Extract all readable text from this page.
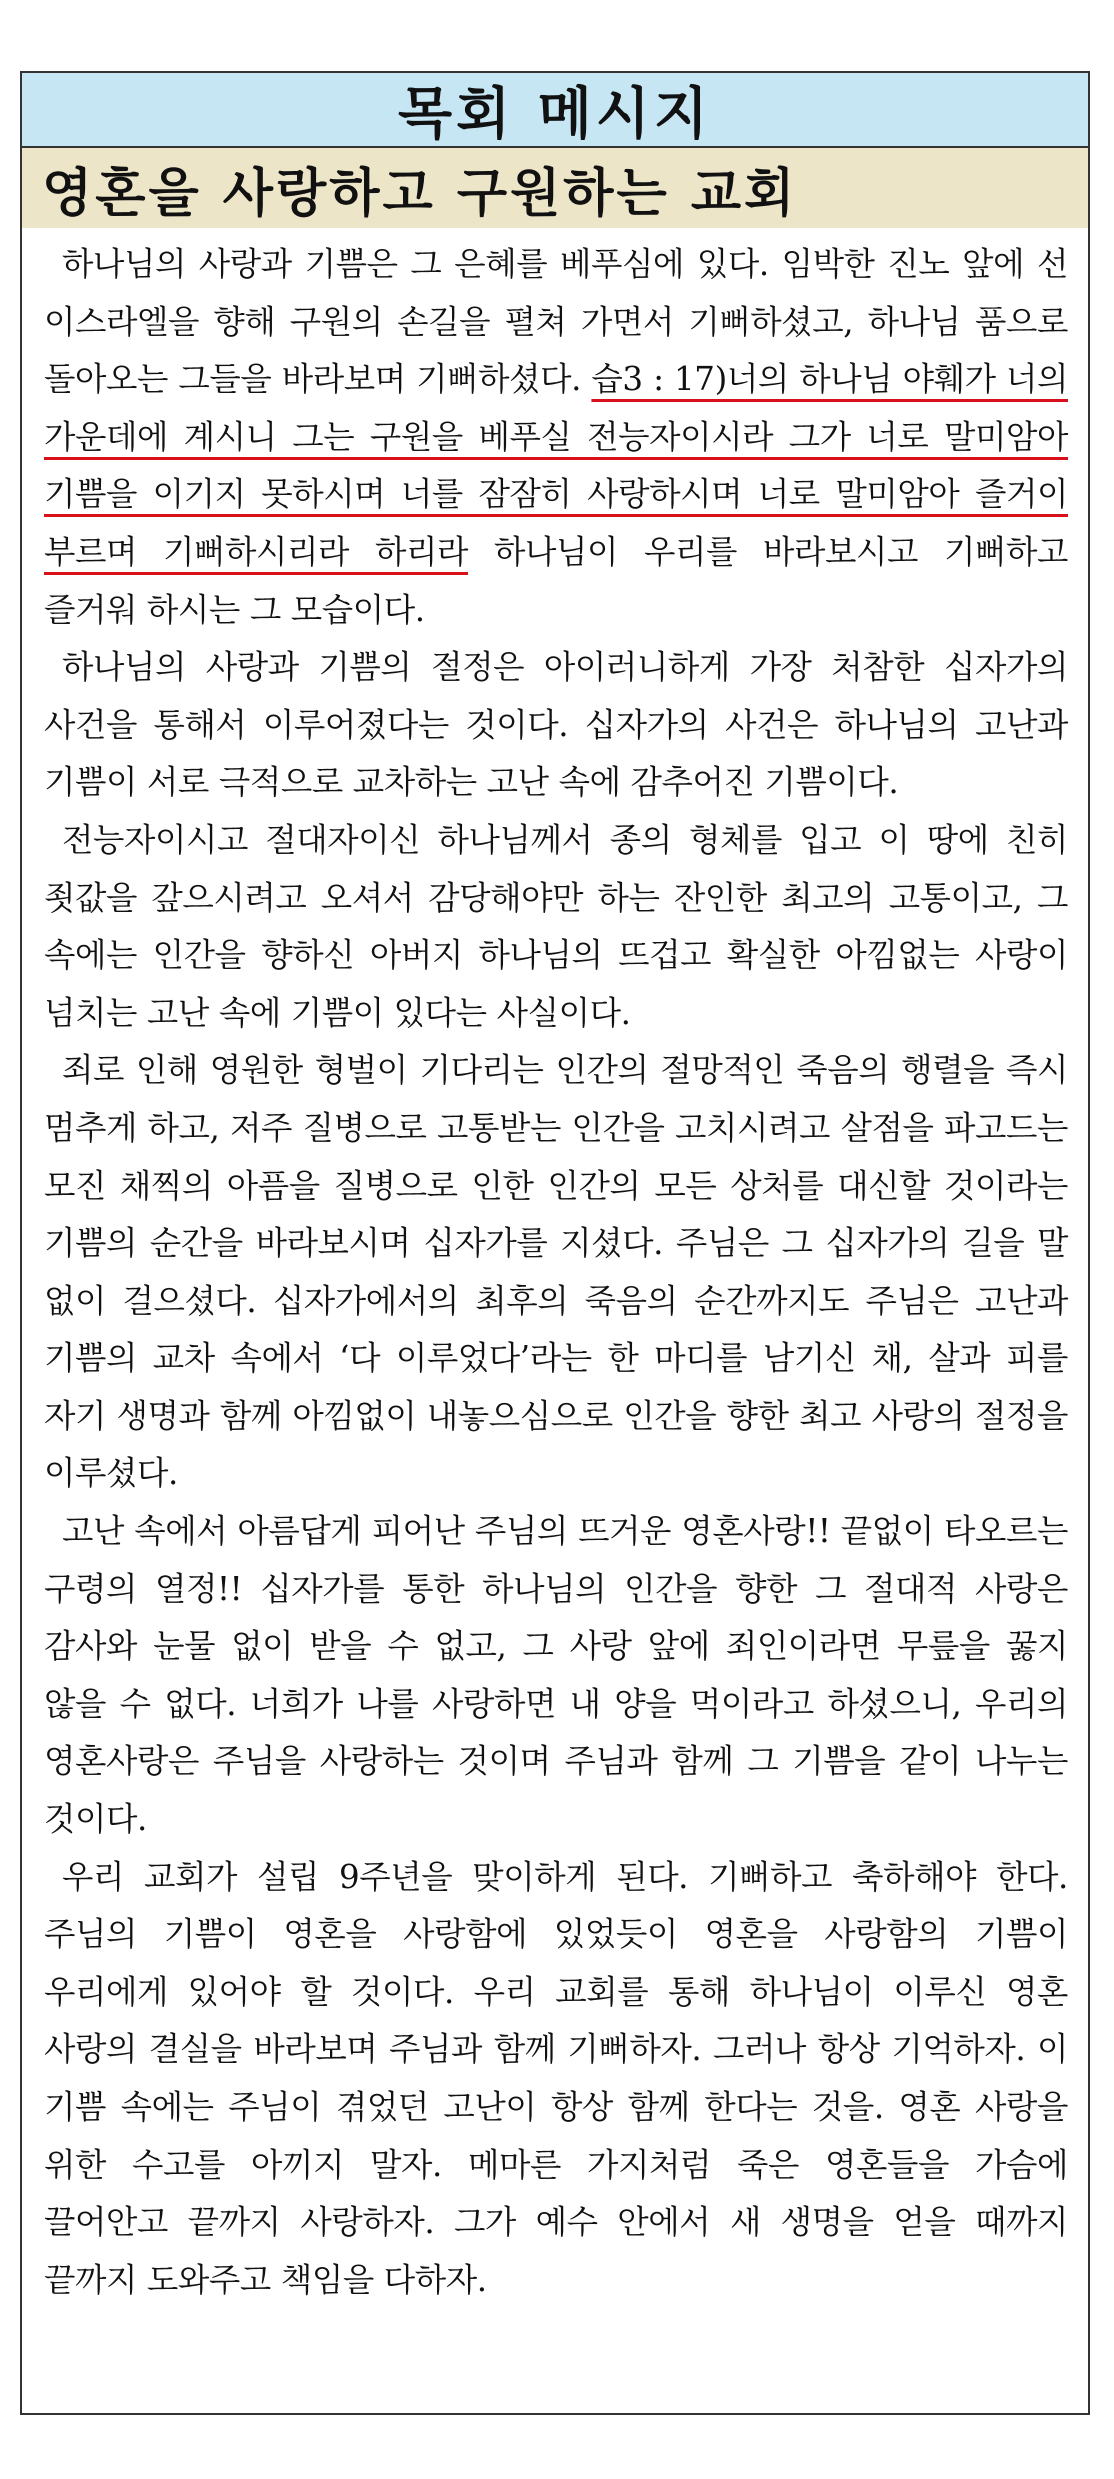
목회 메시지
영혼을 사랑하고 구원하는 교회

하나님의 사랑과 기쁨은 그 은혜를 베푸심에 있다. 임박한 진노 앞에 선 이스라엘을 향해 구원의 손길을 펼쳐 가면서 기뻐하셨고, 하나님 품으로 돌아오는 그들을 바라보며 기뻐하셨다. 습3 : 17)너의 하나님 야훼가 너의 가운데에 계시니 그는 구원을 베푸실 전능자이시라 그가 너로 말미암아 기쁨을 이기지 못하시며 너를 잠잠히 사랑하시며 너로 말미암아 즐거이 부르며 기뻐하시리라 하리라 하나님이 우리를 바라보시고 기뻐하고 즐거워 하시는 그 모습이다.

하나님의 사랑과 기쁨의 절정은 아이러니하게 가장 처참한 십자가의 사건을 통해서 이루어졌다는 것이다. 십자가의 사건은 하나님의 고난과 기쁨이 서로 극적으로 교차하는 고난 속에 감추어진 기쁨이다.

전능자이시고 절대자이신 하나님께서 종의 형체를 입고 이 땅에 친히 죗값을 갚으시려고 오셔서 감당해야만 하는 잔인한 최고의 고통이고, 그 속에는 인간을 향하신 아버지 하나님의 뜨겁고 확실한 아낌없는 사랑이 넘치는 고난 속에 기쁨이 있다는 사실이다.

죄로 인해 영원한 형벌이 기다리는 인간의 절망적인 죽음의 행렬을 즉시 멈추게 하고, 저주 질병으로 고통받는 인간을 고치시려고 살점을 파고드는 모진 채찍의 아픔을 질병으로 인한 인간의 모든 상처를 대신할 것이라는 기쁨의 순간을 바라보시며 십자가를 지셨다. 주님은 그 십자가의 길을 말 없이 걸으셨다. 십자가에서의 최후의 죽음의 순간까지도 주님은 고난과 기쁨의 교차 속에서 ‘다 이루었다’라는 한 마디를 남기신 채, 살과 피를 자기 생명과 함께 아낌없이 내놓으심으로 인간을 향한 최고 사랑의 절정을 이루셨다.

고난 속에서 아름답게 피어난 주님의 뜨거운 영혼사랑!! 끝없이 타오르는 구령의 열정!! 십자가를 통한 하나님의 인간을 향한 그 절대적 사랑은 감사와 눈물 없이 받을 수 없고, 그 사랑 앞에 죄인이라면 무릎을 꿇지 않을 수 없다. 너희가 나를 사랑하면 내 양을 먹이라고 하셨으니, 우리의 영혼사랑은 주님을 사랑하는 것이며 주님과 함께 그 기쁨을 같이 나누는 것이다.

우리 교회가 설립 9주년을 맞이하게 된다. 기뻐하고 축하해야 한다. 주님의 기쁨이 영혼을 사랑함에 있었듯이 영혼을 사랑함의 기쁨이 우리에게 있어야 할 것이다. 우리 교회를 통해 하나님이 이루신 영혼 사랑의 결실을 바라보며 주님과 함께 기뻐하자. 그러나 항상 기억하자. 이 기쁨 속에는 주님이 겪었던 고난이 항상 함께 한다는 것을. 영혼 사랑을 위한 수고를 아끼지 말자. 메마른 가지처럼 죽은 영혼들을 가슴에 끌어안고 끝까지 사랑하자. 그가 예수 안에서 새 생명을 얻을 때까지 끝까지 도와주고 책임을 다하자.
